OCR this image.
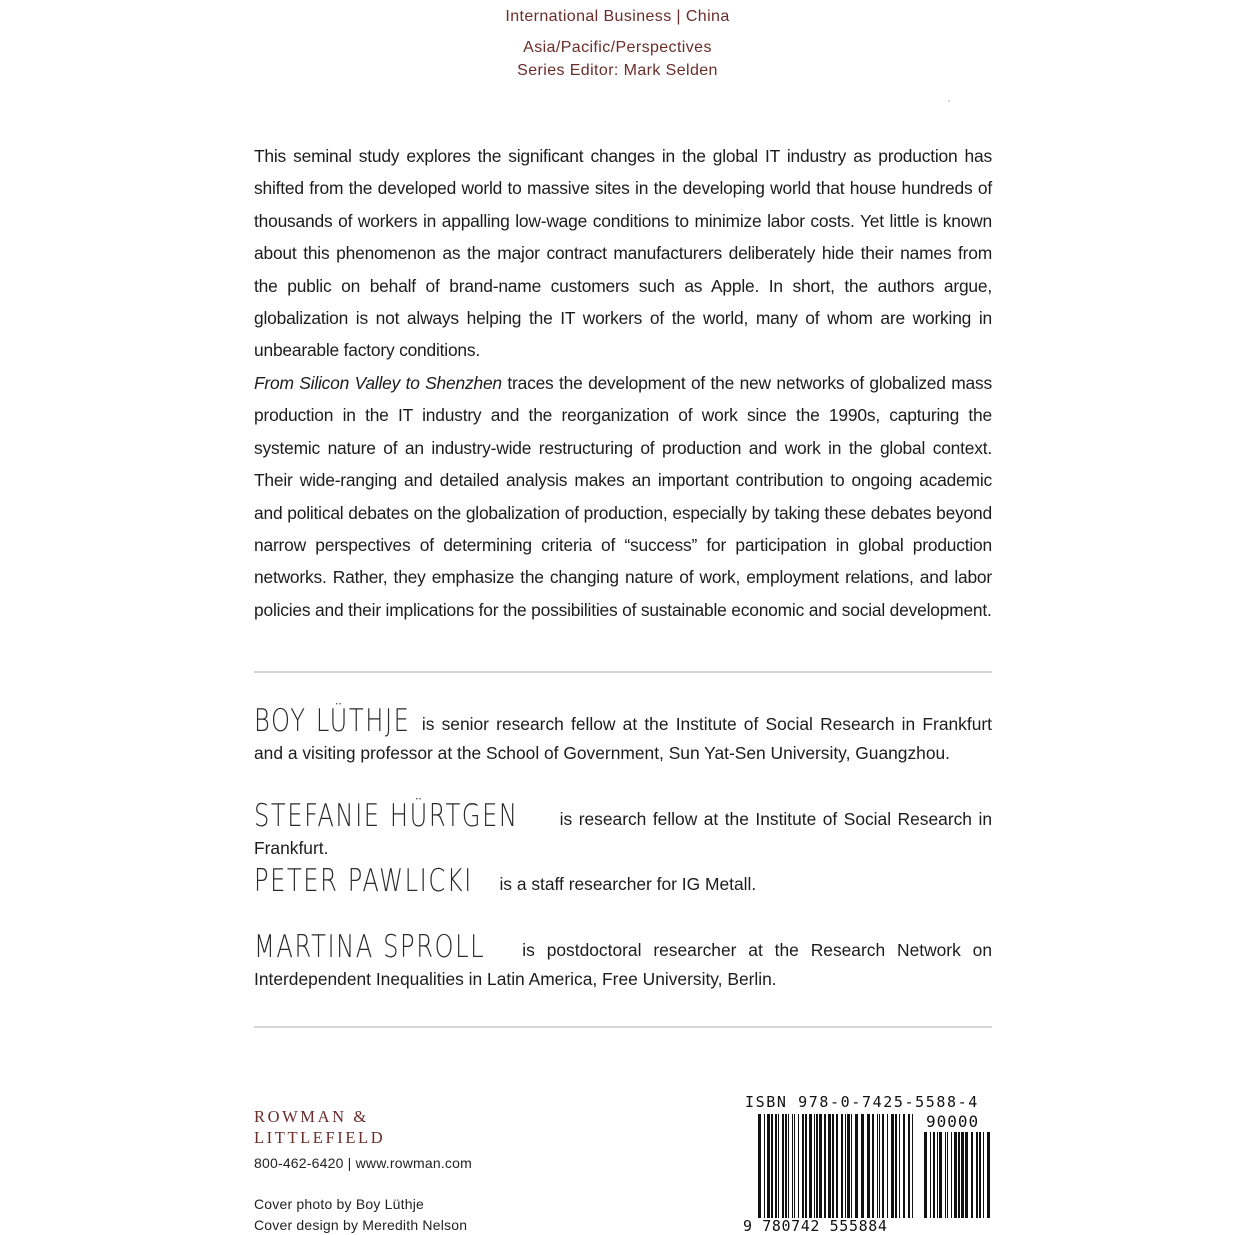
International Business | China
Asia/Pacific/Perspectives
Series Editor: Mark Selden
This seminal study explores the significant changes in the global IT industry as production has shifted from the developed world to massive sites in the developing world that house hundreds of thousands of workers in appalling low-wage conditions to minimize labor costs. Yet little is known about this phenomenon as the major contract manufacturers deliberately hide their names from the public on behalf of brand-name customers such as Apple. In short, the authors argue, globalization is not always helping the IT workers of the world, many of whom are working in unbearable factory conditions.
From Silicon Valley to Shenzhen traces the development of the new networks of globalized mass production in the IT industry and the reorganization of work since the 1990s, capturing the systemic nature of an industry-wide restructuring of production and work in the global context. Their wide-ranging and detailed analysis makes an important contribution to ongoing academic and political debates on the globalization of production, especially by taking these debates beyond narrow perspectives of determining criteria of “success” for participation in global production networks. Rather, they emphasize the changing nature of work, employment relations, and labor policies and their implications for the possibilities of sustainable economic and social development.
BOY LÜTHJE is senior research fellow at the Institute of Social Research in Frankfurt and a visiting professor at the School of Government, Sun Yat-Sen University, Guangzhou.
STEFANIE HÜRTGEN is research fellow at the Institute of Social Research in Frankfurt.
PETER PAWLICKI is a staff researcher for IG Metall.
MARTINA SPROLL is postdoctoral researcher at the Research Network on Interdependent Inequalities in Latin America, Free University, Berlin.
ROWMAN &
LITTLEFIELD
800-462-6420 | www.rowman.com
Cover photo by Boy Lüthje
Cover design by Meredith Nelson
ISBN 978-0-7425-5588-4
90000
9 780742 555884
